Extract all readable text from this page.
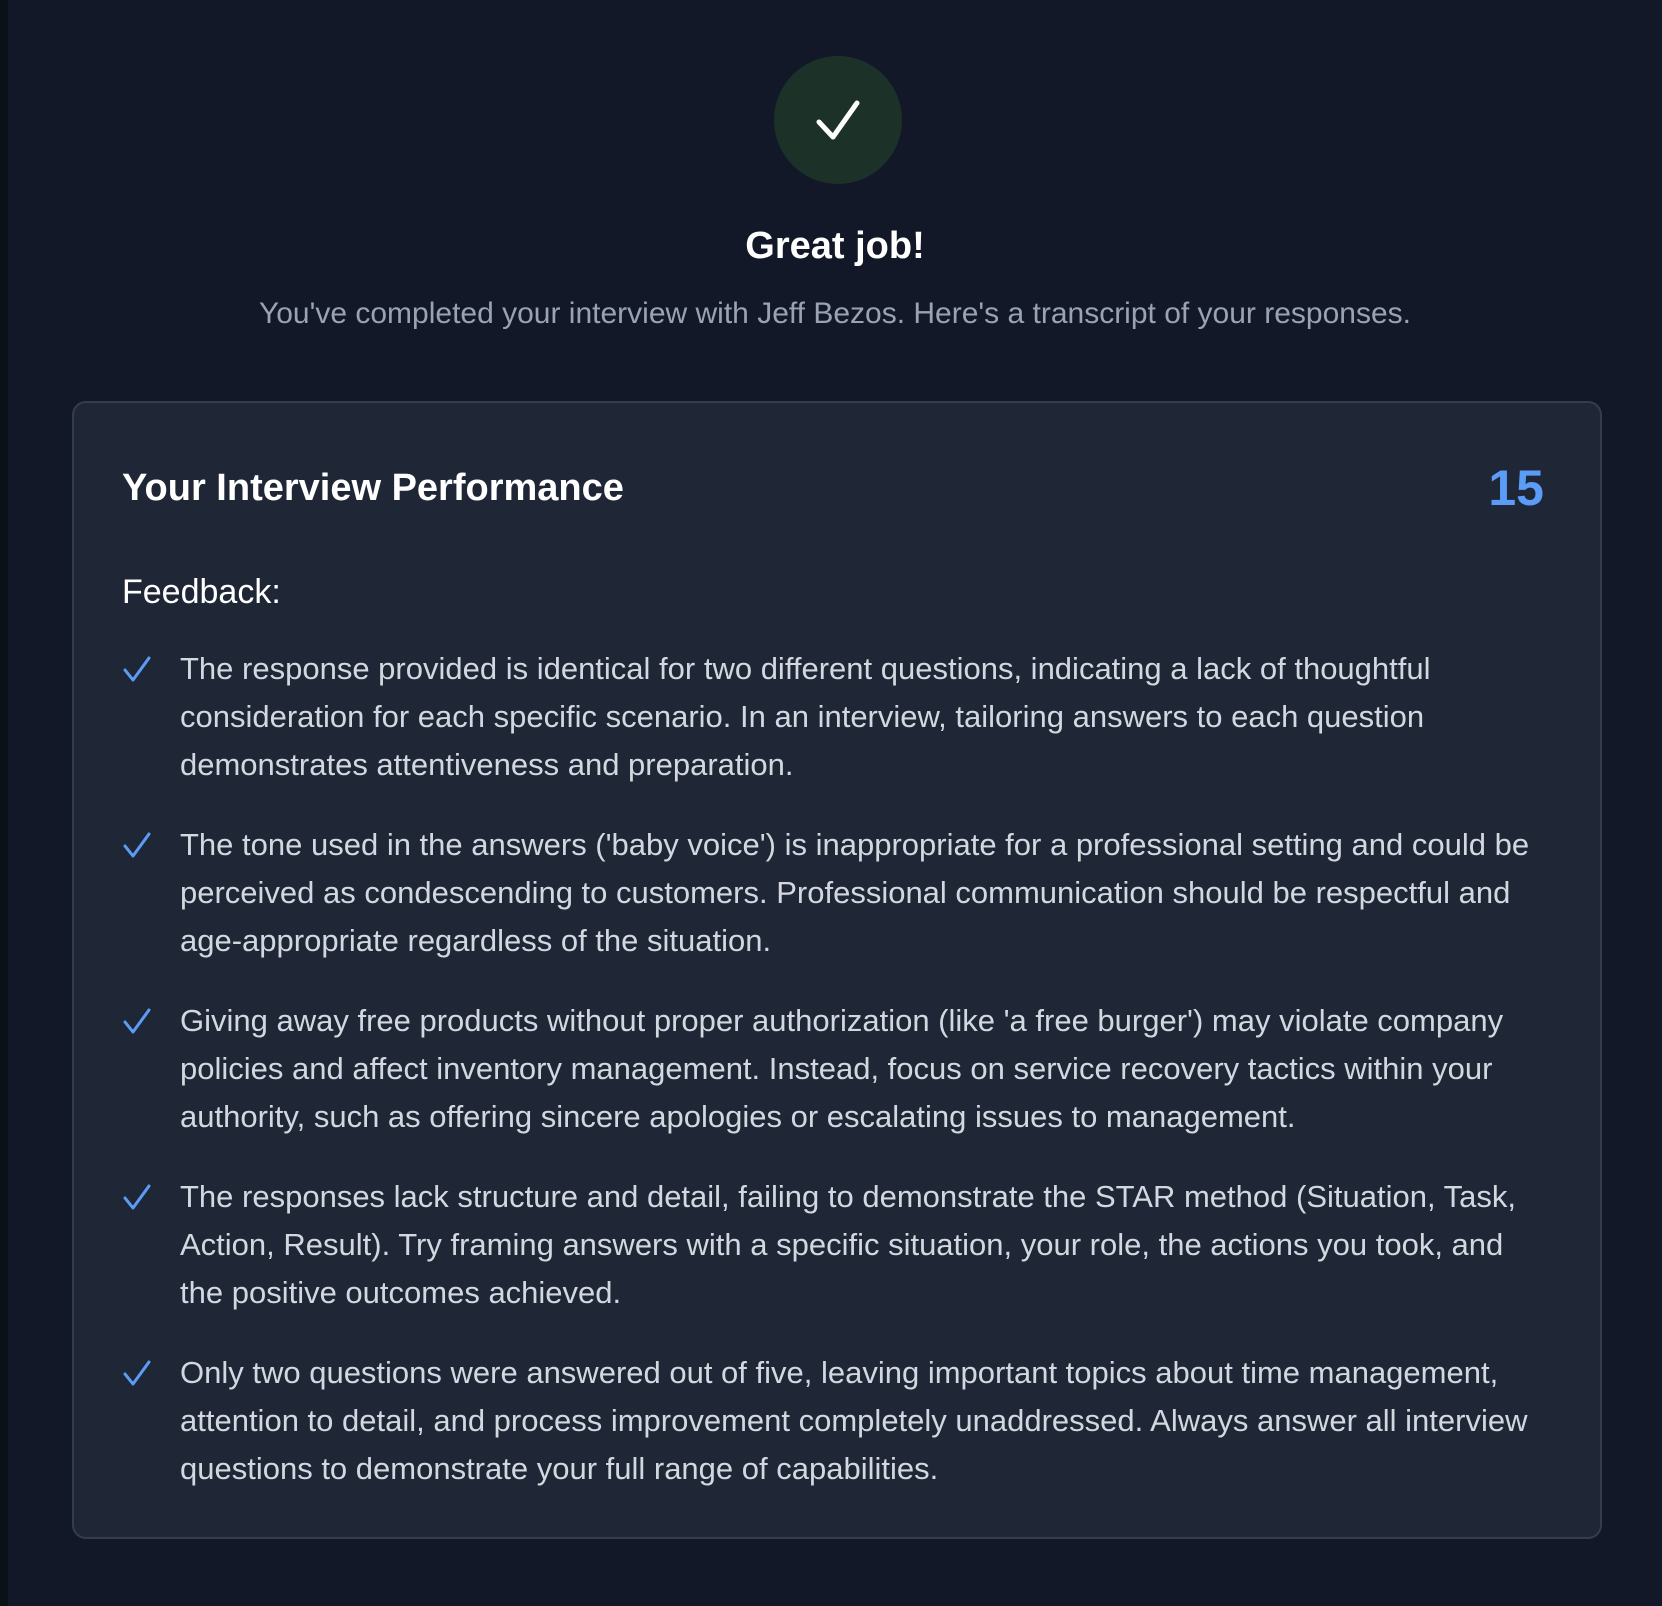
Great job!

You've completed your interview with Jeff Bezos. Here's a transcript of your responses.

Your Interview Performance	15
Feedback:
The response provided is identical for two different questions, indicating a lack of thoughtful consideration for each specific scenario. In an interview, tailoring answers to each question demonstrates attentiveness and preparation.
The tone used in the answers ('baby voice') is inappropriate for a professional setting and could be perceived as condescending to customers. Professional communication should be respectful and age-appropriate regardless of the situation.
Giving away free products without proper authorization (like 'a free burger') may violate company policies and affect inventory management. Instead, focus on service recovery tactics within your authority, such as offering sincere apologies or escalating issues to management.
The responses lack structure and detail, failing to demonstrate the STAR method (Situation, Task, Action, Result). Try framing answers with a specific situation, your role, the actions you took, and the positive outcomes achieved.
Only two questions were answered out of five, leaving important topics about time management, attention to detail, and process improvement completely unaddressed. Always answer all interview questions to demonstrate your full range of capabilities.
